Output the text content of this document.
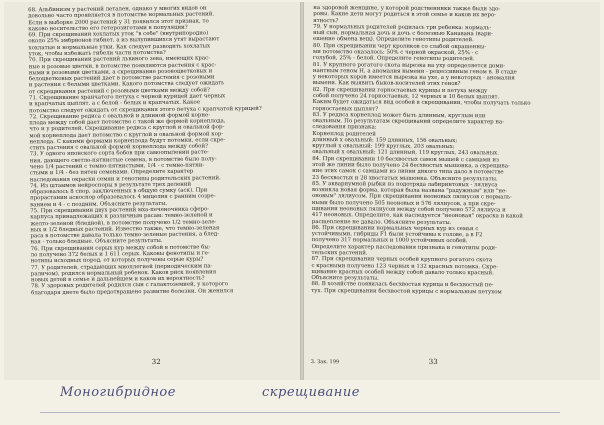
68. Альбинизм у растений летален, однако у многих видов он
довольно часто проявляется в потомстве нормальных растений.
Если в выборке 2000 растений у 31 появился этот признак, то
каково носительство его гетерозиготами в популяции?
69. При скрещивании хохлатых уток "в себе" (внутрипородно)
около 25% эмбрионов гибнет, а из вылупившихся утят вырастают
хохлатые и нормальные утки. Как следует разводить хохлатых
уток, чтобы избежать гибели части потомства?
70. При скрещивании растений львиного зева, имеющих крас-
ные и розовые цветки, в потомстве появляются растения с крас-
ными и розовыми цветками, а скрещивание розовоцветковых и
белоцветковых растений дает в потомстве растения с розовыми
и растения с белыми цветками. Какого потомства следует ожидать
от скрещивания растений с розовыми цветками между собой?
71. Скрещивание хранчатого петуха с черной курицей дает черных
и крапчатых цыплят, а с белой - белых и крапчатых. Какое
потомство следует ожидать от скрещивания этого петуха с крапчатой курицей?
72. Скрещивание редиса с овальной и длинной формой корне-
плода между собой дает потомство с такой же формой корнеплода,
что и у родителей. Скрещивание редиса с круглой и овальной фор-
мой корнеплода дает потомство с круглой и овальной формой кор-
неплода. С какими формами корнеплода будут потомки, если скре-
стить растения с овальной формой корнеплода между собой?
73. У одного японского сорта бобов при самоопылении расте-
ния, дающего светло-пятнистые семена, в потомстве было полу-
чено 1/4 растений с темно-пятнистыми, 1/4 - с темно-пятни-
стыми и 1/4 - без пятен семенами. Определите характер
наследования окраски семян и генотипы родительских растений.
74. Из штаммов нейроспоры в результате трех делений
образовалось 8 спор, заключенных в общую сумку (аск). При
прорастании аскоспор образовалось 4 мицелия с ранним созре-
ванием и 4 - с поздним. Объясните результаты.
75. При скрещивании двух растений мха-печеночника сферо-
карпуса принадлежащих к различным расам: темно-зеленой и
желто-зеленой (бледной), в потомстве получено 1/2 темно-зеле-
ных и 1/2 бледных растений. Известно также, что темно-зеленая
раса в потомстве давала только темно-зеленые растения, а блед-
ная - только бледные. Объясните результаты.
76. При скрещивании серых кур между собой в потомстве бы-
ло получено 372 белых и 1 611 серых. Каковы фенотипы и ге-
нотипы исходных пород, от которых получены серые куры?
77. У родителей, страдающих миоплегией (периодическим па-
раличом), родился нормальный ребенок. Каков риск появления
новых детей в семье и дальнейшем и каков их вероятность?
78. У здоровых родителей родился сын с галактоземией, у которого
благодаря диете было предотвращено развитие болезни. Он женился
32
на здоровой женщине, у которой родственники также были здо-
ровы. Какие дети могут родиться в этой семье и каков их веро-
ятность?
79. У нормальных родителей родилась три ребенка: нормаль-
ный сын, нормальная дочь и дочь с болезнью Канавана (вари-
ешение обмена вещ). Определите генотипы родителей.
80. При скрещивании черт кроликов со слабой окрашенны-
ми потомство оказалось: 50% с черной окраской, 25% - с
голубой, 25% - белой. Определите генотипы родителей.
81. У крупного рогатого скота вырезка на уху определяется доми-
нантным геном H, а аномалия вымени - рецессивным геном в. В стаде
у некоторых коров имеется вырезка на ухе, а у некоторых - аномалия
вымени. Как выявить быков-носителей этих генов?
82. При скрещивании горностаевых курицы и петуха между
собой получено 24 горностаевых, 12 черных и 10 белых цыплят.
Каким будет ожидаться вид особей в скрещивании, чтобы получать только
горностаевых цыплят?
83. У редиса корнеплод может быть длинным, круглым или
овальным. По результатам скрещиваний определите характер на-
следования признака:
Корнеплод родителей
длинный х овальный: 159 длинных, 156 овальных;
круглый х овальный: 199 круглых, 203 овальных;
овальный х овальный: 121 длинный, 119 круглых, 243 овальных.
84. При скрещивании 10 бесхвостых самок мышей с самцами из
этой же линии было получено 24 бесхвостых мышонка, а скрещива-
ние этих самок с самцами из линии дикого типа дало в потомстве
23 бесхвостых и 28 хвостатых мышонка. Объясните результаты.
85. У аквариумной рыбки из подотряда лабиринтовых - лялиуса
возникла новая форма, которая была названа "радужным" или "не-
оновым" лялиусом. При скрещивании неоновых лялиусов с нормаль-
ными было получено 505 неоновых и 576 лялиусов, а при скре-
щивании неоновых лялиусов между собой получено 572 лялиуса и
417 неоновых. Определите, как наследуется "неоновая" окраска и какой
расщепление не давало. Объясните результаты.
86. При скрещивании нормальных черных кур из семьи с
устойчивыми, гибриды F1 были устойчивы к голове, а в F2
получено 317 нормальных и 1000 устойчивых особей.
Определите характер наследования признака и генотипы роди-
тельских растений.
87. При скрещивании черных особей крупного рогатого скота
с красными получено 123 черных и 132 красных потомка. Скре-
щивание красных особей между собой давало только красный.
Объясните результаты.
88. В хозяйстве появилась бесхвостая курица и бесхвостый пе-
тух. При скрещивании бесхвостой курицы с нормальным петухом
3. Зак. 199	33
Моногибридное	скрещивание
